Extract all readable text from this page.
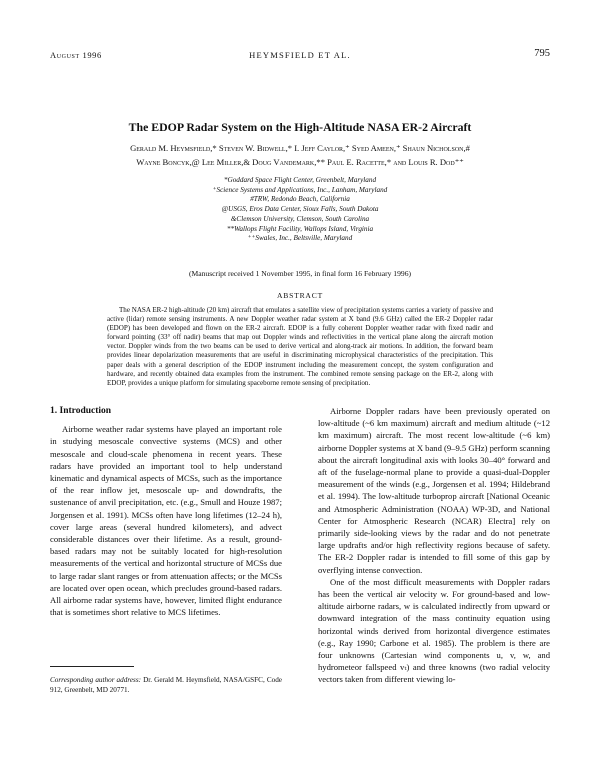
August 1996	HEYMSFIELD ET AL.	795
The EDOP Radar System on the High-Altitude NASA ER-2 Aircraft
Gerald M. Heymsfield,* Steven W. Bidwell,* I. Jeff Caylor,⁺ Syed Ameen,⁺ Shaun Nicholson,#
Wayne Boncyk,@ Lee Miller,& Doug Vandemark,** Paul E. Racette,* and Louis R. Dod⁺⁺
*Goddard Space Flight Center, Greenbelt, Maryland
⁺Science Systems and Applications, Inc., Lanham, Maryland
#TRW, Redondo Beach, California
@USGS, Eros Data Center, Sioux Falls, South Dakota
&Clemson University, Clemson, South Carolina
**Wallops Flight Facility, Wallops Island, Virginia
⁺⁺Swales, Inc., Beltsville, Maryland
(Manuscript received 1 November 1995, in final form 16 February 1996)
ABSTRACT

The NASA ER-2 high-altitude (20 km) aircraft that emulates a satellite view of precipitation systems carries a variety of passive and active (lidar) remote sensing instruments. A new Doppler weather radar system at X band (9.6 GHz) called the ER-2 Doppler radar (EDOP) has been developed and flown on the ER-2 aircraft. EDOP is a fully coherent Doppler weather radar with fixed nadir and forward pointing (33° off nadir) beams that map out Doppler winds and reflectivities in the vertical plane along the aircraft motion vector. Doppler winds from the two beams can be used to derive vertical and along-track air motions. In addition, the forward beam provides linear depolarization measurements that are useful in discriminating microphysical characteristics of the precipitation. This paper deals with a general description of the EDOP instrument including the measurement concept, the system configuration and hardware, and recently obtained data examples from the instrument. The combined remote sensing package on the ER-2, along with EDOP, provides a unique platform for simulating spaceborne remote sensing of precipitation.

1. Introduction

Airborne weather radar systems have played an important role in studying mesoscale convective systems (MCS) and other mesoscale and cloud-scale phenomena in recent years. These radars have provided an important tool to help understand kinematic and dynamical aspects of MCSs, such as the importance of the rear inflow jet, mesoscale up- and downdrafts, the sustenance of anvil precipitation, etc. (e.g., Smull and Houze 1987; Jorgensen et al. 1991). MCSs often have long lifetimes (12–24 h), cover large areas (several hundred kilometers), and advect considerable distances over their lifetime. As a result, ground-based radars may not be suitably located for high-resolution measurements of the vertical and horizontal structure of MCSs due to large radar slant ranges or from attenuation affects; or the MCSs are located over open ocean, which precludes ground-based radars. All airborne radar systems have, however, limited flight endurance that is sometimes short relative to MCS lifetimes.

Airborne Doppler radars have been previously operated on low-altitude (~6 km maximum) aircraft and medium altitude (~12 km maximum) aircraft. The most recent low-altitude (~6 km) airborne Doppler systems at X band (9–9.5 GHz) perform scanning about the aircraft longitudinal axis with looks 30–40° forward and aft of the fuselage-normal plane to provide a quasi-dual-Doppler measurement of the winds (e.g., Jorgensen et al. 1994; Hildebrand et al. 1994). The low-altitude turboprop aircraft [National Oceanic and Atmospheric Administration (NOAA) WP-3D, and National Center for Atmospheric Research (NCAR) Electra] rely on primarily side-looking views by the radar and do not penetrate large updrafts and/or high reflectivity regions because of safety. The ER-2 Doppler radar is intended to fill some of this gap by overflying intense convection.

One of the most difficult measurements with Doppler radars has been the vertical air velocity w. For ground-based and low-altitude airborne radars, w is calculated indirectly from upward or downward integration of the mass continuity equation using horizontal winds derived from horizontal divergence estimates (e.g., Ray 1990; Carbone et al. 1985). The problem is there are four unknowns (Cartesian wind components u, v, w, and hydrometeor fallspeed vₜ) and three knowns (two radial velocity vectors taken from different viewing lo-

Corresponding author address: Dr. Gerald M. Heymsfield, NASA/GSFC, Code 912, Greenbelt, MD 20771.
